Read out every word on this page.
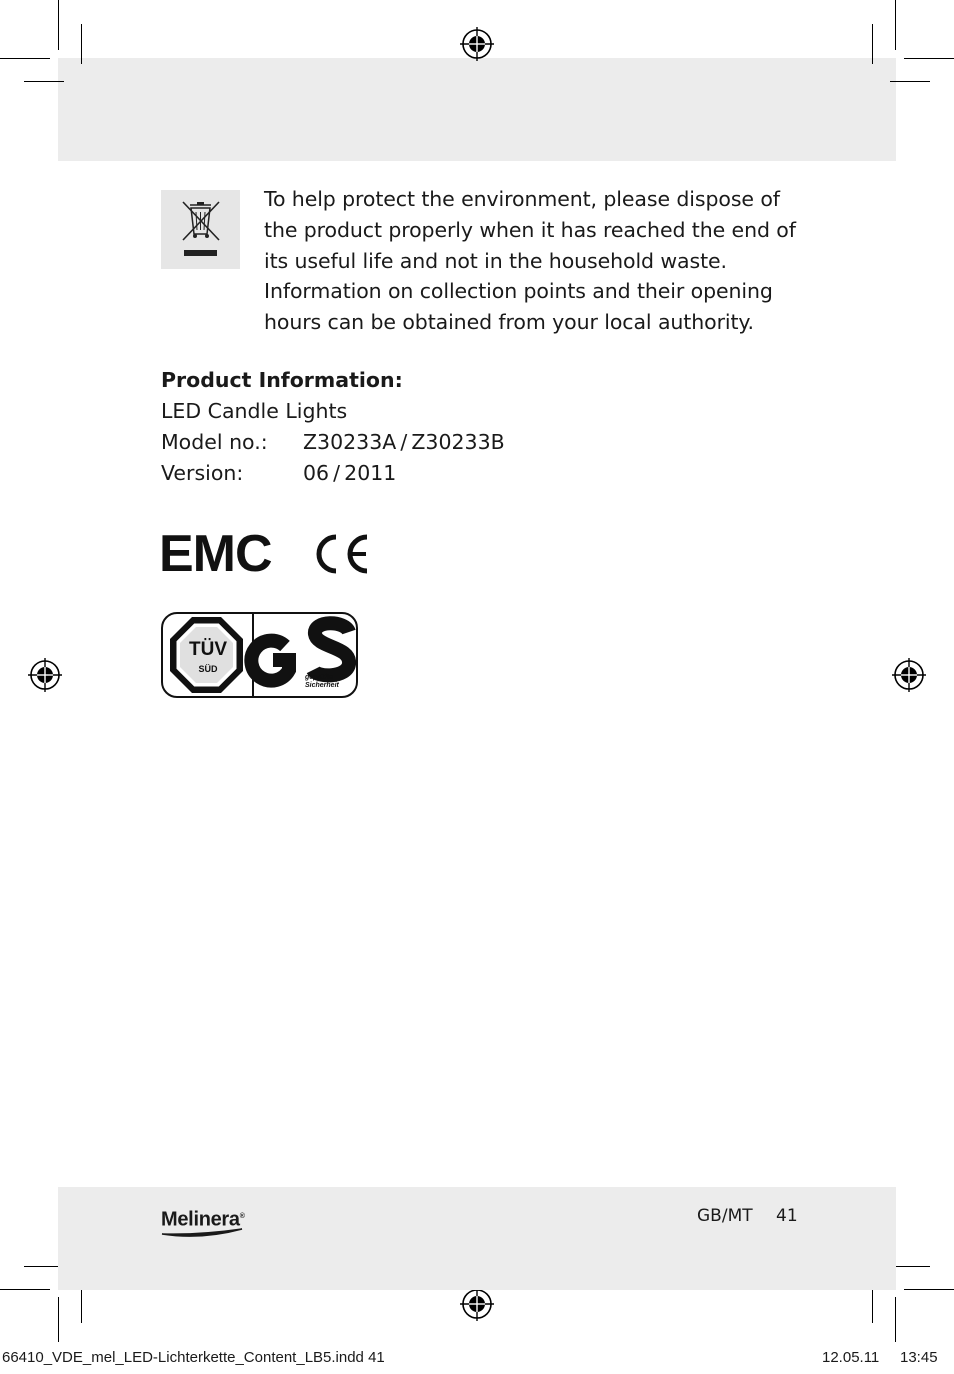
To help protect the environment, please dispose of the product properly when it has reached the end of its useful life and not in the household waste. Information on collection points and their opening hours can be obtained from your local authority.
Product Information:
LED Candle Lights
Model no.: Z30233A / Z30233B
Version:	06 / 2011
EMC
TÜV
SÜD
geprüfte
Sicherheit
Melinera®	GB/MT 41
66410_VDE_mel_LED-Lichterkette_Content_LB5.indd 41	12.05.11 13:45
